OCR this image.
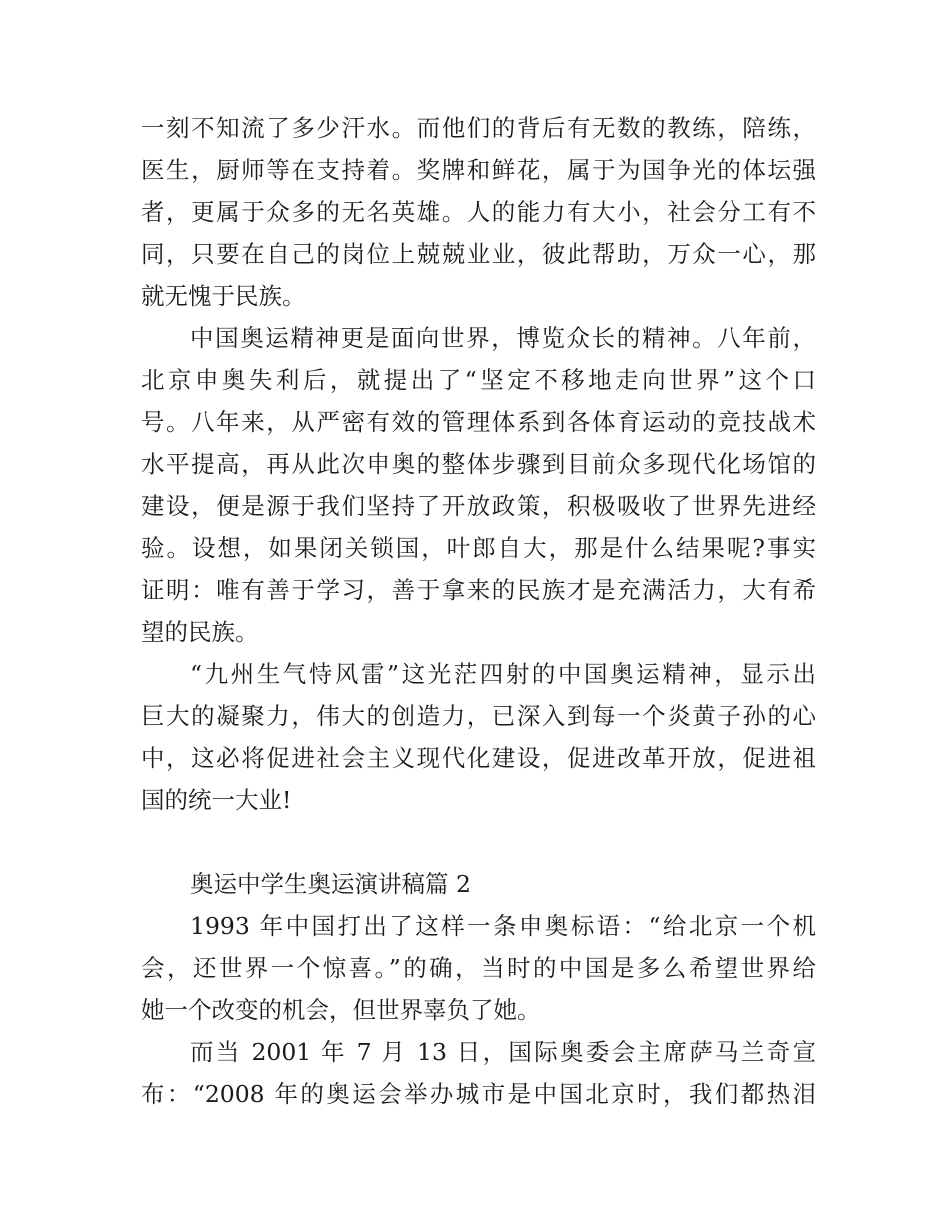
一刻不知流了多少汗水。而他们的背后有无数的教练，陪练，
医生，厨师等在支持着。奖牌和鲜花，属于为国争光的体坛强
者，更属于众多的无名英雄。人的能力有大小，社会分工有不
同，只要在自己的岗位上兢兢业业，彼此帮助，万众一心，那
就无愧于民族。
中国奥运精神更是面向世界，博览众长的精神。八年前，
北京申奥失利后，就提出了“坚定不移地走向世界”这个口
号。八年来，从严密有效的管理体系到各体育运动的竞技战术
水平提高，再从此次申奥的整体步骤到目前众多现代化场馆的
建设，便是源于我们坚持了开放政策，积极吸收了世界先进经
验。设想，如果闭关锁国，叶郎自大，那是什么结果呢?事实
证明：唯有善于学习，善于拿来的民族才是充满活力，大有希
望的民族。
“九州生气恃风雷”这光茫四射的中国奥运精神，显示出
巨大的凝聚力，伟大的创造力，已深入到每一个炎黄子孙的心
中，这必将促进社会主义现代化建设，促进改革开放，促进祖
国的统一大业!
奥运中学生奥运演讲稿篇 2
1993 年中国打出了这样一条申奥标语：“给北京一个机
会，还世界一个惊喜。”的确，当时的中国是多么希望世界给
她一个改变的机会，但世界辜负了她。
而当 2001 年 7 月 13 日，国际奥委会主席萨马兰奇宣
布：“2008 年的奥运会举办城市是中国北京时，我们都热泪
